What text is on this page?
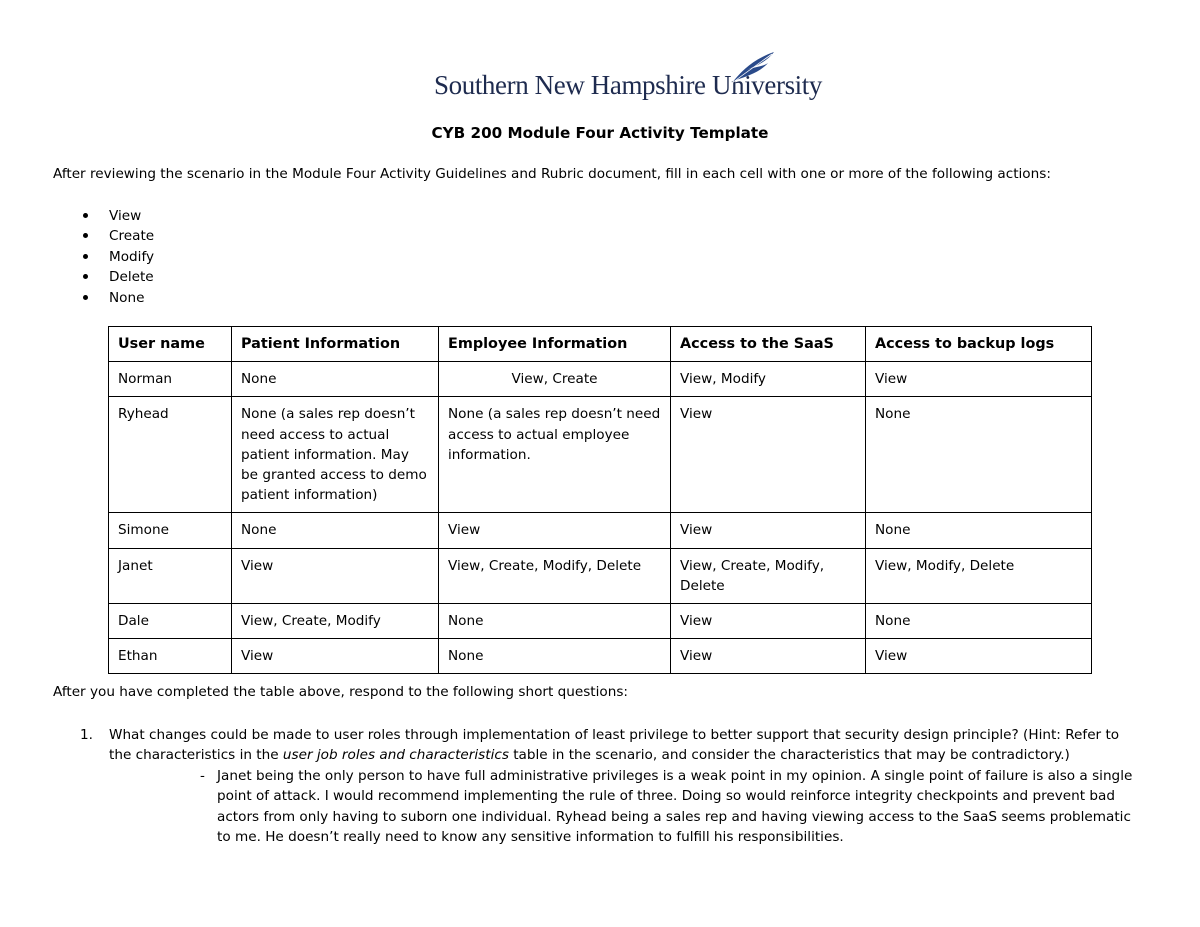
Southern New Hampshire University
CYB 200 Module Four Activity Template
After reviewing the scenario in the Module Four Activity Guidelines and Rubric document, fill in each cell with one or more of the following actions:
View
Create
Modify
Delete
None
User name	Patient Information	Employee Information	Access to the SaaS	Access to backup logs
Norman	None	View, Create	View, Modify	View
Ryhead	None (a sales rep doesn’t need access to actual patient information. May be granted access to demo patient information)	None (a sales rep doesn’t need access to actual employee information.	View	None
Simone	None	View	View	None
Janet	View	View, Create, Modify, Delete	View, Create, Modify, Delete	View, Modify, Delete
Dale	View, Create, Modify	None	View	None
Ethan	View	None	View	View
After you have completed the table above, respond to the following short questions:
1. What changes could be made to user roles through implementation of least privilege to better support that security design principle? (Hint: Refer to the characteristics in the user job roles and characteristics table in the scenario, and consider the characteristics that may be contradictory.)
- Janet being the only person to have full administrative privileges is a weak point in my opinion. A single point of failure is also a single point of attack. I would recommend implementing the rule of three. Doing so would reinforce integrity checkpoints and prevent bad actors from only having to suborn one individual. Ryhead being a sales rep and having viewing access to the SaaS seems problematic to me. He doesn’t really need to know any sensitive information to fulfill his responsibilities.
